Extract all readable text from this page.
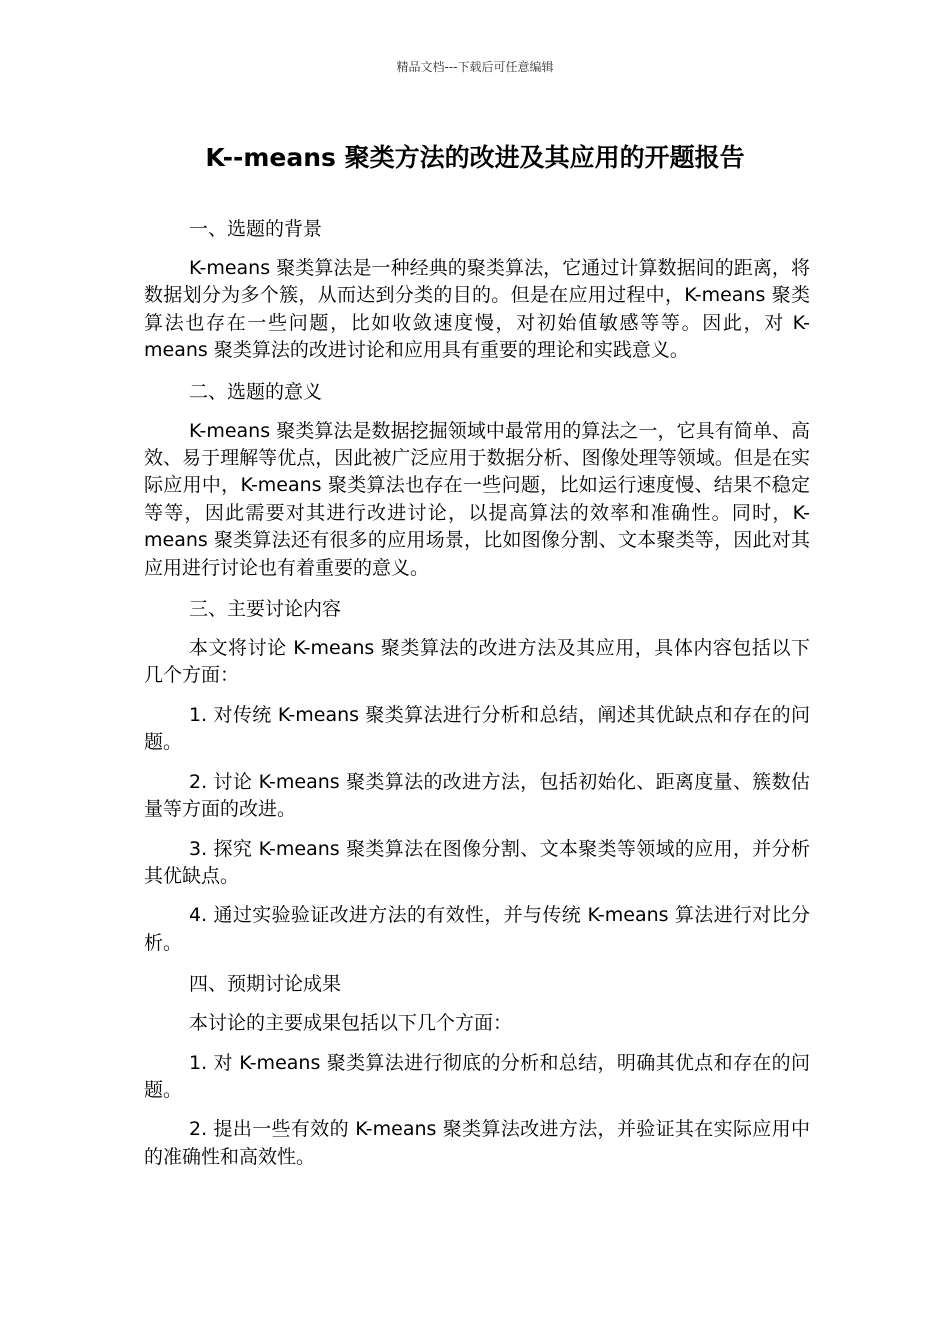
精品文档---下载后可任意编辑
K--means 聚类方法的改进及其应用的开题报告
一、选题的背景
K-means 聚类算法是一种经典的聚类算法，它通过计算数据间的距离，将数据划分为多个簇，从而达到分类的目的。但是在应用过程中，K-means 聚类算法也存在一些问题，比如收敛速度慢，对初始值敏感等等。因此，对 K-means 聚类算法的改进讨论和应用具有重要的理论和实践意义。
二、选题的意义
K-means 聚类算法是数据挖掘领域中最常用的算法之一，它具有简单、高效、易于理解等优点，因此被广泛应用于数据分析、图像处理等领域。但是在实际应用中，K-means 聚类算法也存在一些问题，比如运行速度慢、结果不稳定等等，因此需要对其进行改进讨论，以提高算法的效率和准确性。同时，K-means 聚类算法还有很多的应用场景，比如图像分割、文本聚类等，因此对其应用进行讨论也有着重要的意义。
三、主要讨论内容
本文将讨论 K-means 聚类算法的改进方法及其应用，具体内容包括以下几个方面：
1. 对传统 K-means 聚类算法进行分析和总结，阐述其优缺点和存在的问题。
2. 讨论 K-means 聚类算法的改进方法，包括初始化、距离度量、簇数估量等方面的改进。
3. 探究 K-means 聚类算法在图像分割、文本聚类等领域的应用，并分析其优缺点。
4. 通过实验验证改进方法的有效性，并与传统 K-means 算法进行对比分析。
四、预期讨论成果
本讨论的主要成果包括以下几个方面：
1. 对 K-means 聚类算法进行彻底的分析和总结，明确其优点和存在的问题。
2. 提出一些有效的 K-means 聚类算法改进方法，并验证其在实际应用中的准确性和高效性。
